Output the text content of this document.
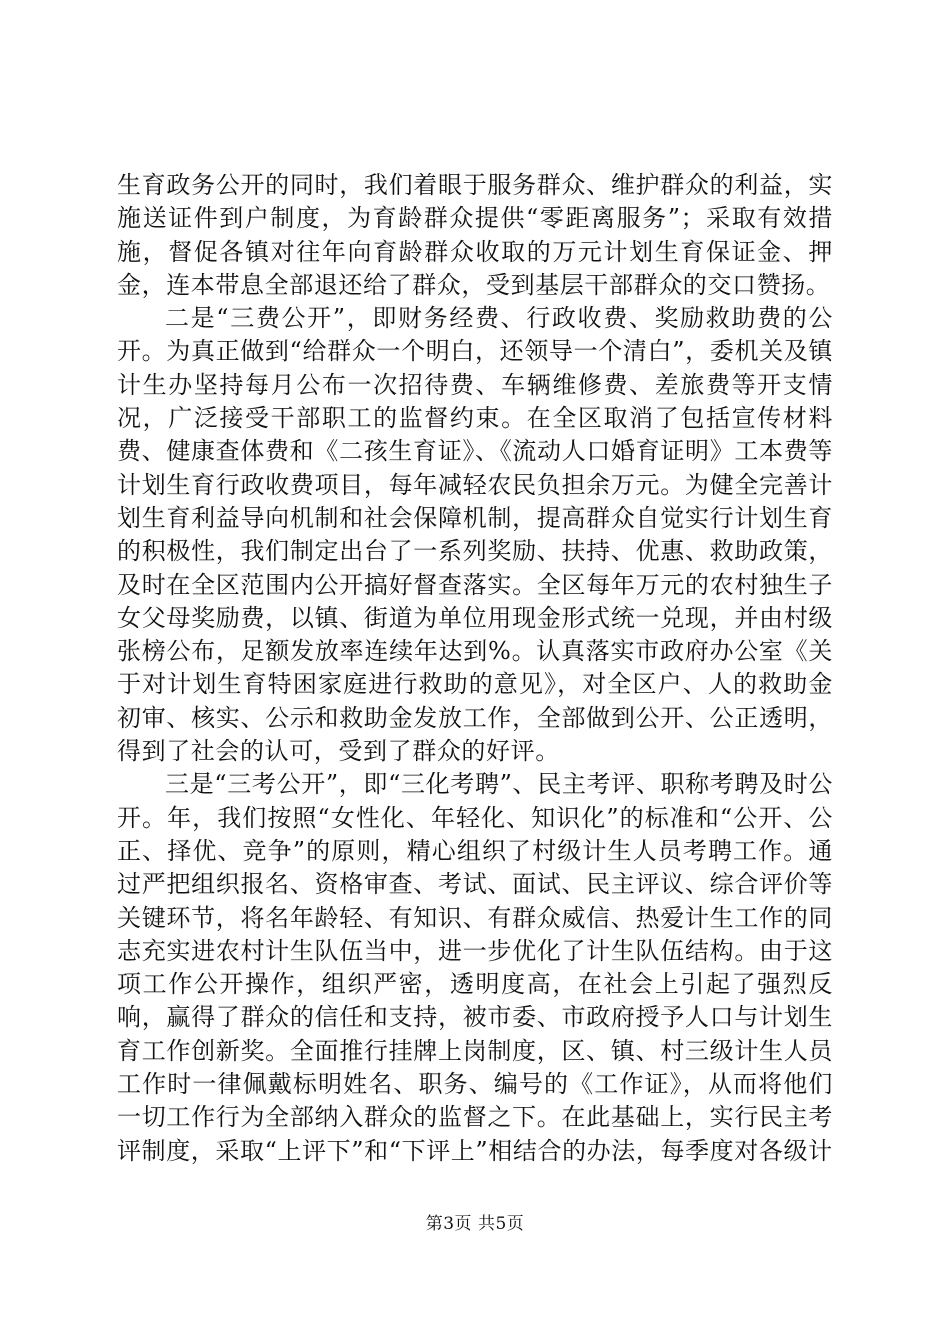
生育政务公开的同时，我们着眼于服务群众、维护群众的利益，实施送证件到户制度，为育龄群众提供“零距离服务”；采取有效措施，督促各镇对往年向育龄群众收取的万元计划生育保证金、押金，连本带息全部退还给了群众，受到基层干部群众的交口赞扬。

二是“三费公开”，即财务经费、行政收费、奖励救助费的公开。为真正做到“给群众一个明白，还领导一个清白”，委机关及镇计生办坚持每月公布一次招待费、车辆维修费、差旅费等开支情况，广泛接受干部职工的监督约束。在全区取消了包括宣传材料费、健康查体费和《二孩生育证》、《流动人口婚育证明》工本费等计划生育行政收费项目，每年减轻农民负担余万元。为健全完善计划生育利益导向机制和社会保障机制，提高群众自觉实行计划生育的积极性，我们制定出台了一系列奖励、扶持、优惠、救助政策，及时在全区范围内公开搞好督查落实。全区每年万元的农村独生子女父母奖励费，以镇、街道为单位用现金形式统一兑现，并由村级张榜公布，足额发放率连续年达到%。认真落实市政府办公室《关于对计划生育特困家庭进行救助的意见》，对全区户、人的救助金初审、核实、公示和救助金发放工作，全部做到公开、公正透明，得到了社会的认可，受到了群众的好评。

三是“三考公开”，即“三化考聘”、民主考评、职称考聘及时公开。年，我们按照“女性化、年轻化、知识化”的标准和“公开、公正、择优、竞争”的原则，精心组织了村级计生人员考聘工作。通过严把组织报名、资格审查、考试、面试、民主评议、综合评价等关键环节，将名年龄轻、有知识、有群众威信、热爱计生工作的同志充实进农村计生队伍当中，进一步优化了计生队伍结构。由于这项工作公开操作，组织严密，透明度高，在社会上引起了强烈反响，赢得了群众的信任和支持，被市委、市政府授予人口与计划生育工作创新奖。全面推行挂牌上岗制度，区、镇、村三级计生人员工作时一律佩戴标明姓名、职务、编号的《工作证》，从而将他们一切工作行为全部纳入群众的监督之下。在此基础上，实行民主考评制度，采取“上评下”和“下评上”相结合的办法，每季度对各级计

第3页 共5页
